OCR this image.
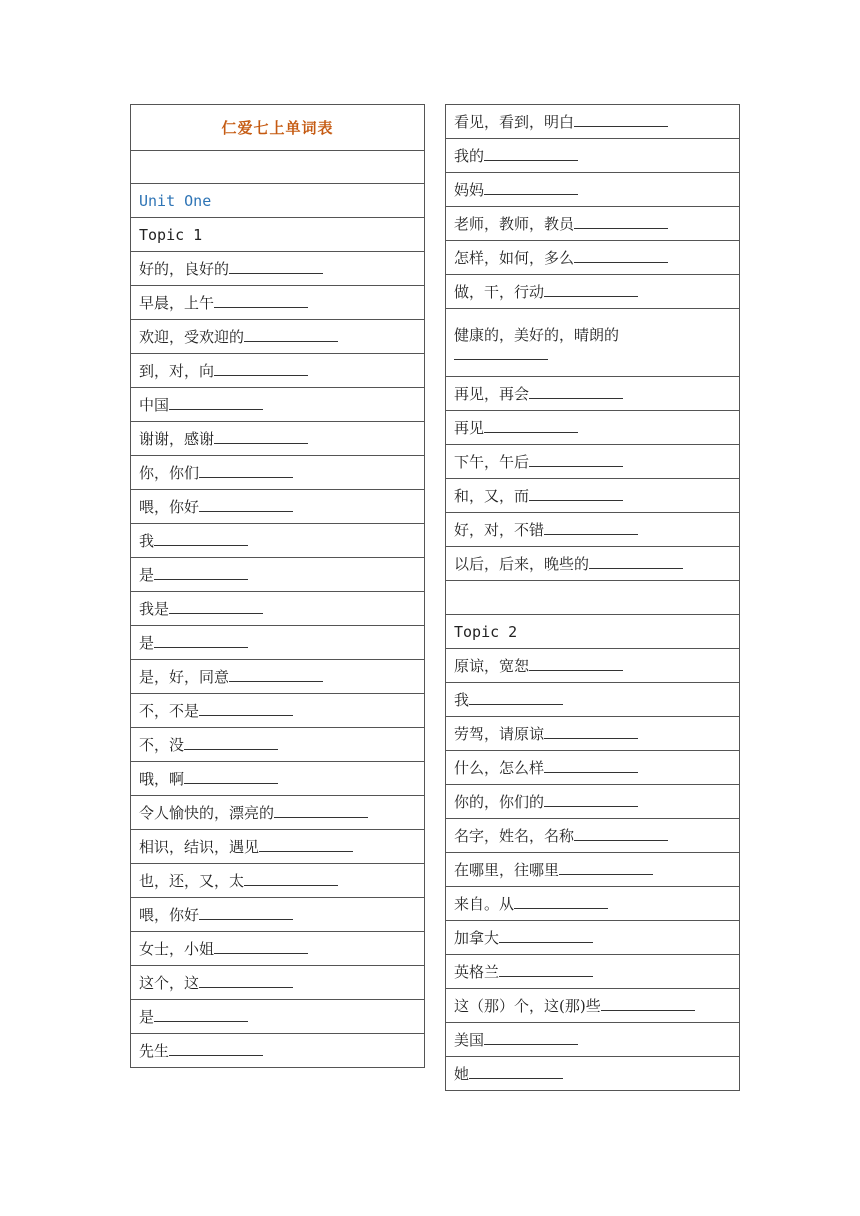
仁爱七上单词表

Unit One
Topic 1
好的，良好的
早晨，上午
欢迎，受欢迎的
到，对，向
中国
谢谢，感谢
你，你们
喂，你好
我
是
我是
是
是，好，同意
不，不是
不，没
哦，啊
令人愉快的，漂亮的
相识，结识，遇见
也，还，又，太
喂，你好
女士，小姐
这个，这
是
先生
看见，看到，明白
我的
妈妈
老师，教师，教员
怎样，如何，多么
做，干，行动
健康的，美好的，晴朗的

再见，再会
再见
下午，午后
和，又，而
好，对，不错
以后，后来，晚些的

Topic 2
原谅，宽恕
我
劳驾，请原谅
什么，怎么样
你的，你们的
名字，姓名，名称
在哪里，往哪里
来自。从
加拿大
英格兰
这（那）个，这(那)些
美国
她
